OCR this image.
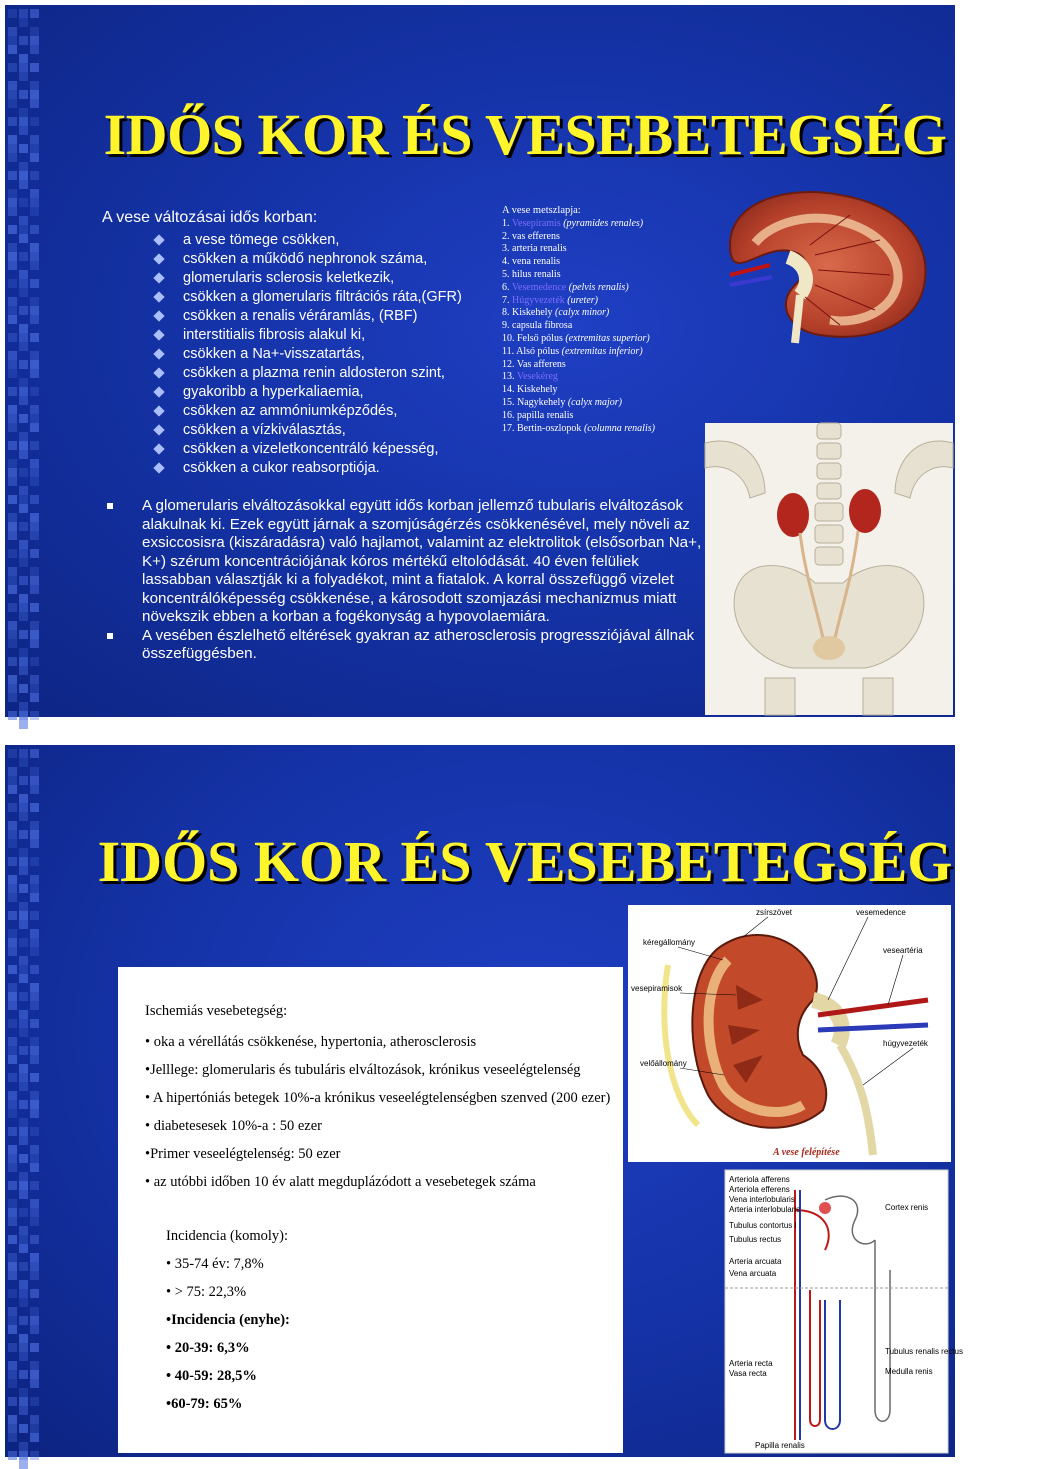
IDŐS KOR ÉS VESEBETEGSÉG
A vese változásai idős korban:
a vese tömege csökken,
csökken a működő nephronok száma,
glomerularis sclerosis keletkezik,
csökken a glomerularis filtrációs ráta,(GFR)
csökken a renalis véráramlás, (RBF)
interstitialis fibrosis alakul ki,
csökken a Na+-visszatartás,
csökken a plazma renin aldosteron szint,
gyakoribb a hyperkaliaemia,
csökken az ammóniumképződés,
csökken a vízkiválasztás,
csökken a vizeletkoncentráló képesség,
csökken a cukor reabsorptiója.
A vese metszlapja:
1. Vesepiramis (pyramides renales)
2. vas efferens
3. arteria renalis
4. vena renalis
5. hilus renalis
6. Vesemedence (pelvis renalis)
7. Húgyvezeték (ureter)
8. Kiskehely (calyx minor)
9. capsula fibrosa
10. Felső pólus (extremitas superior)
11. Alsó pólus (extremitas inferior)
12. Vas afferens
13. Vesekéreg
14. Kiskehely
15. Nagykehely (calyx major)
16. papilla renalis
17. Bertin-oszlopok (columna renalis)
A glomerularis elváltozásokkal együtt idős korban jellemző tubularis elváltozások alakulnak ki. Ezek együtt járnak a szomjúságérzés csökkenésével, mely növeli az exsiccosisra (kiszáradásra) való hajlamot, valamint az elektrolitok (elsősorban Na+, K+) szérum koncentrációjának kóros mértékű eltolódását. 40 éven felüliek lassabban választják ki a folyadékot, mint a fiatalok. A korral összefüggő vizelet koncentrálóképesség csökkenése, a károsodott szomjazási mechanizmus miatt növekszik ebben a korban a fogékonyság a hypovolaemiára.
A vesében észlelhető eltérések gyakran az atherosclerosis progressziójával állnak összefüggésben.
IDŐS KOR ÉS VESEBETEGSÉG
Ischemiás vesebetegség:
• oka a vérellátás csökkenése, hypertonia, atherosclerosis
•Jelllege: glomerularis és tubuláris elváltozások, krónikus veseelégtelenség
• A hipertóniás betegek 10%-a krónikus veseelégtelenségben szenved (200 ezer)
• diabetesesek 10%-a : 50 ezer
•Primer veseelégtelenség: 50 ezer
• az utóbbi időben 10 év alatt megduplázódott a vesebetegek száma
Incidencia (komoly):
• 35-74 év: 7,8%
• > 75: 22,3%
•Incidencia (enyhe):
• 20-39: 6,3%
• 40-59: 28,5%
•60-79: 65%
zsírszövet	vesemedence
kéregállomány
veseartéria
vesepiramisok
velőállomány
húgyvezeték
A vese felépítése
Arteriola afferens
Arteriola efferens
Vena interlobularis
Arteria interlobularis
Tubulus contortus I
Tubulus rectus
Arteria arcuata
Vena arcuata
Cortex renis
Tubulus renalis rectus
Arteria recta
Vasa recta	Medulla renis
Papilla renalis
